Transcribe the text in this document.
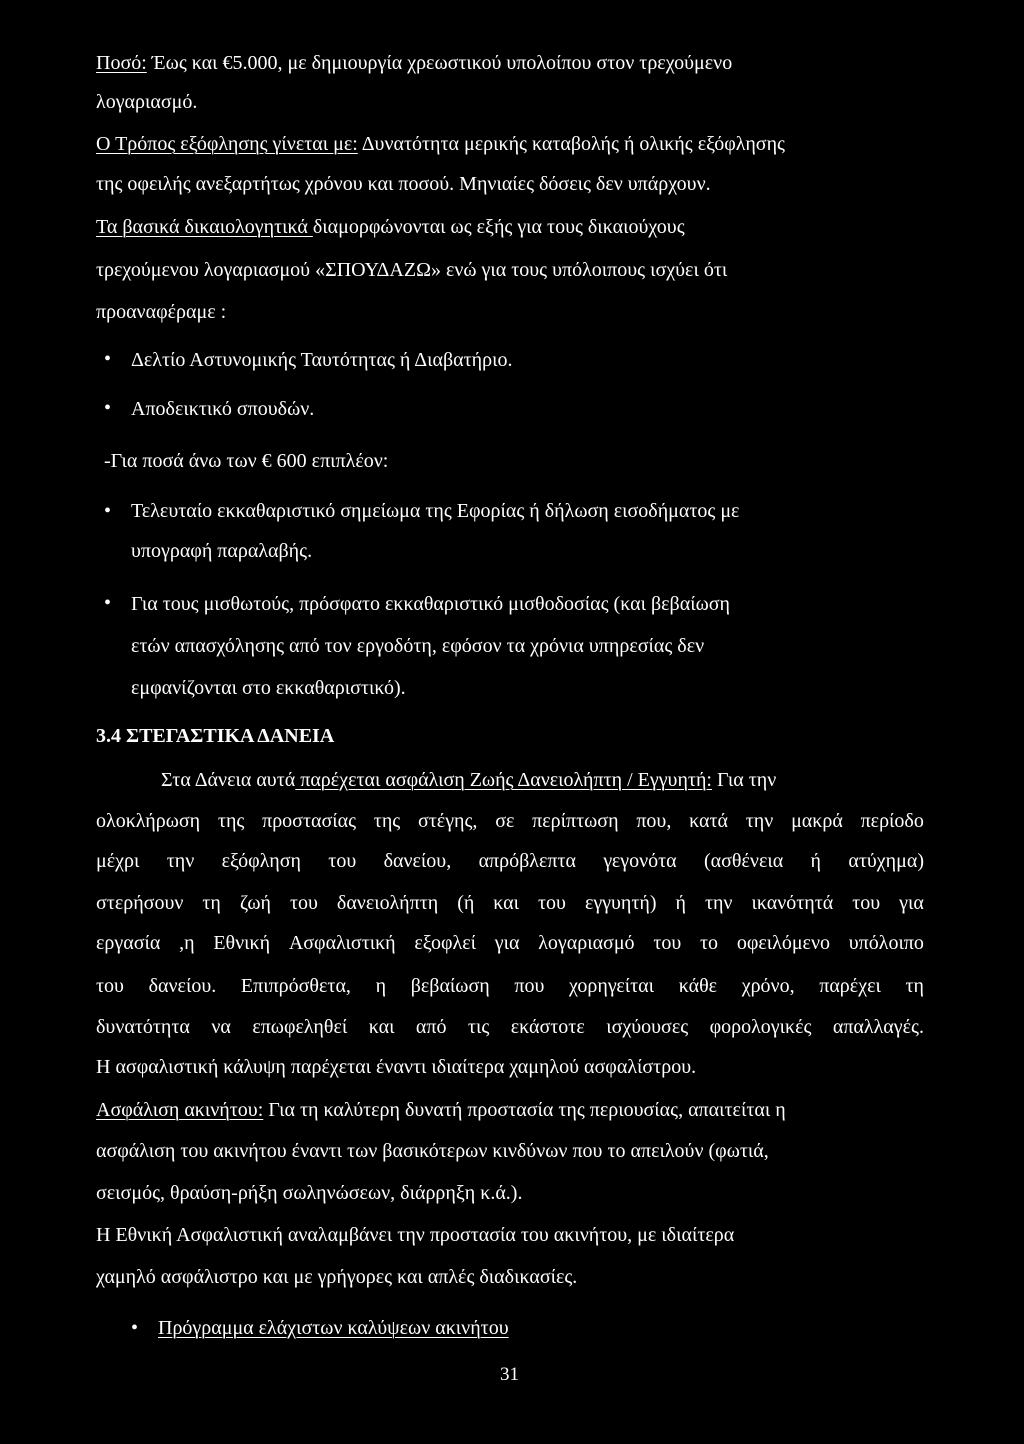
Ποσό: Έως και €5.000, με δημιουργία χρεωστικού υπολοίπου στον τρεχούμενο
λογαριασμό.
Ο Τρόπος εξόφλησης γίνεται με: Δυνατότητα μερικής καταβολής ή ολικής εξόφλησης
της οφειλής ανεξαρτήτως χρόνου και ποσού. Μηνιαίες δόσεις δεν υπάρχουν.
Τα βασικά δικαιολογητικά διαμορφώνονται ως εξής για τους δικαιούχους
τρεχούμενου λογαριασμού «ΣΠΟΥΔΑΖΩ» ενώ για τους υπόλοιπους ισχύει ότι
προαναφέραμε :
• Δελτίο Αστυνομικής Ταυτότητας ή Διαβατήριο.
• Αποδεικτικό σπουδών.
-Για ποσά άνω των € 600 επιπλέον:
• Τελευταίο εκκαθαριστικό σημείωμα της Εφορίας ή δήλωση εισοδήματος με
υπογραφή παραλαβής.
• Για τους μισθωτούς, πρόσφατο εκκαθαριστικό μισθοδοσίας (και βεβαίωση
ετών απασχόλησης από τον εργοδότη, εφόσον τα χρόνια υπηρεσίας δεν
εμφανίζονται στο εκκαθαριστικό).
3.4 ΣΤΕΓΑΣΤΙΚΑ ΔΑΝΕΙΑ
Στα Δάνεια αυτά παρέχεται ασφάλιση Ζωής Δανειολήπτη / Εγγυητή: Για την
ολοκλήρωση της προστασίας της στέγης, σε περίπτωση που, κατά την μακρά περίοδο
μέχρι την εξόφληση του δανείου, απρόβλεπτα γεγονότα (ασθένεια ή ατύχημα)
στερήσουν τη ζωή του δανειολήπτη (ή και του εγγυητή) ή την ικανότητά του για
εργασία ,η Εθνική Ασφαλιστική εξοφλεί για λογαριασμό του το οφειλόμενο υπόλοιπο
του δανείου. Επιπρόσθετα, η βεβαίωση που χορηγείται κάθε χρόνο, παρέχει τη
δυνατότητα να επωφεληθεί και από τις εκάστοτε ισχύουσες φορολογικές απαλλαγές.
Η ασφαλιστική κάλυψη παρέχεται έναντι ιδιαίτερα χαμηλού ασφαλίστρου.
Ασφάλιση ακινήτου: Για τη καλύτερη δυνατή προστασία της περιουσίας, απαιτείται η
ασφάλιση του ακινήτου έναντι των βασικότερων κινδύνων που το απειλούν (φωτιά,
σεισμός, θραύση-ρήξη σωληνώσεων, διάρρηξη κ.ά.).
Η Εθνική Ασφαλιστική αναλαμβάνει την προστασία του ακινήτου, με ιδιαίτερα
χαμηλό ασφάλιστρο και με γρήγορες και απλές διαδικασίες.
• Πρόγραμμα ελάχιστων καλύψεων ακινήτου
31
